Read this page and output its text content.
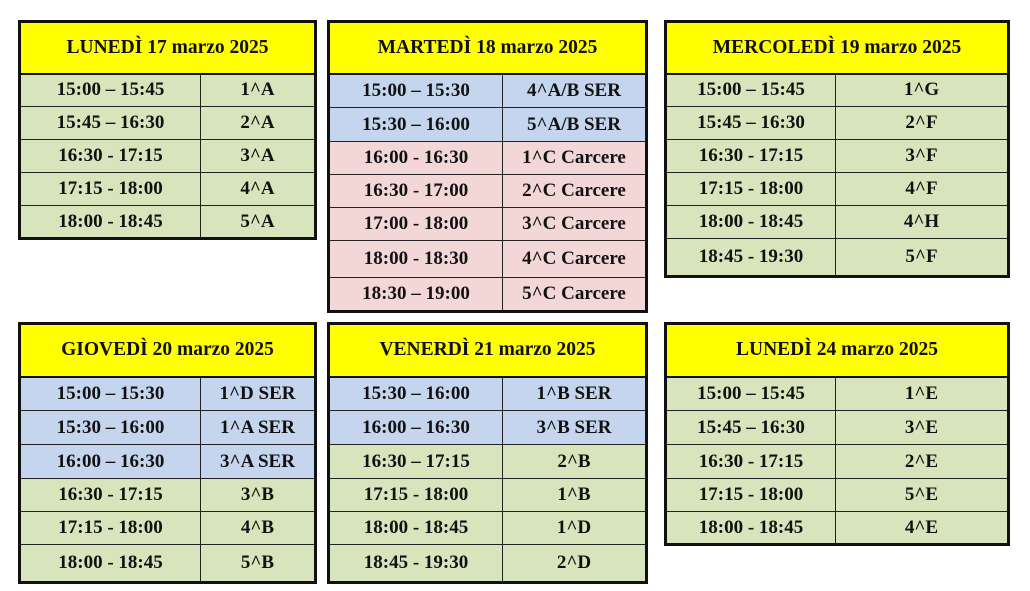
LUNEDÌ 17 marzo 2025	
15:00 – 15:45	1^A
15:45 – 16:30	2^A
16:30 - 17:15	3^A
17:15 - 18:00	4^A
18:00 - 18:45	5^A
MARTEDÌ 18 marzo 2025	
15:00 – 15:30	4^A/B SER
15:30 – 16:00	5^A/B SER
16:00 - 16:30	1^C Carcere
16:30 - 17:00	2^C Carcere
17:00 - 18:00	3^C Carcere
18:00 - 18:30	4^C Carcere
18:30 – 19:00	5^C Carcere
MERCOLEDÌ 19 marzo 2025	
15:00 – 15:45	1^G
15:45 – 16:30	2^F
16:30 - 17:15	3^F
17:15 - 18:00	4^F
18:00 - 18:45	4^H
18:45 - 19:30	5^F
GIOVEDÌ 20 marzo 2025	
15:00 – 15:30	1^D SER
15:30 – 16:00	1^A SER
16:00 – 16:30	3^A SER
16:30 - 17:15	3^B
17:15 - 18:00	4^B
18:00 - 18:45	5^B
VENERDÌ 21 marzo 2025	
15:30 – 16:00	1^B SER
16:00 – 16:30	3^B SER
16:30 – 17:15	2^B
17:15 - 18:00	1^B
18:00 - 18:45	1^D
18:45 - 19:30	2^D
LUNEDÌ 24 marzo 2025	
15:00 – 15:45	1^E
15:45 – 16:30	3^E
16:30 - 17:15	2^E
17:15 - 18:00	5^E
18:00 - 18:45	4^E
